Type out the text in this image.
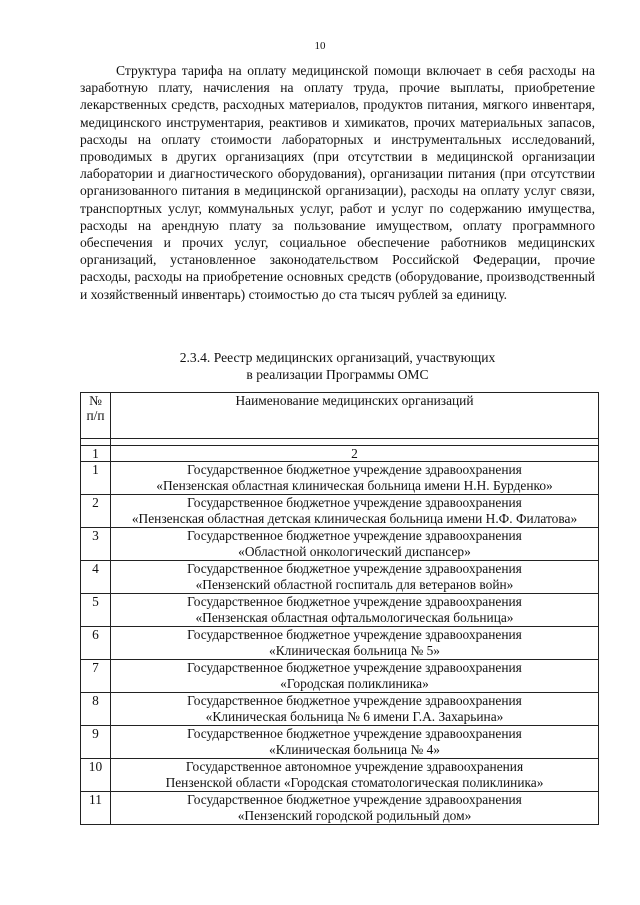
10

Структура тарифа на оплату медицинской помощи включает в себя расходы на заработную плату, начисления на оплату труда, прочие выплаты, приобретение лекарственных средств, расходных материалов, продуктов питания, мягкого инвентаря, медицинского инструментария, реактивов и химикатов, прочих материальных запасов, расходы на оплату стоимости лабораторных и инструментальных исследований, проводимых в других организациях (при отсутствии в медицинской организации лаборатории и диагностического оборудования), организации питания (при отсутствии организованного питания в медицинской организации), расходы на оплату услуг связи, транспортных услуг, коммунальных услуг, работ и услуг по содержанию имущества, расходы на арендную плату за пользование имуществом, оплату программного обеспечения и прочих услуг, социальное обеспечение работников медицинских организаций, установленное законодательством Российской Федерации, прочие расходы, расходы на приобретение основных средств (оборудование, производственный и хозяйственный инвентарь) стоимостью до ста тысяч рублей за единицу.

2.3.4. Реестр медицинских организаций, участвующих
в реализации Программы ОМС
№
п/п	Наименование медицинских организаций

1	2
1	Государственное бюджетное учреждение здравоохранения
«Пензенская областная клиническая больница имени Н.Н. Бурденко»

2	Государственное бюджетное учреждение здравоохранения
«Пензенская областная детская клиническая больница имени Н.Ф. Филатова»

3	Государственное бюджетное учреждение здравоохранения
«Областной онкологический диспансер»

4	Государственное бюджетное учреждение здравоохранения
«Пензенский областной госпиталь для ветеранов войн»

5	Государственное бюджетное учреждение здравоохранения
«Пензенская областная офтальмологическая больница»

6	Государственное бюджетное учреждение здравоохранения
«Клиническая больница № 5»

7	Государственное бюджетное учреждение здравоохранения
«Городская поликлиника»

8	Государственное бюджетное учреждение здравоохранения
«Клиническая больница № 6 имени Г.А. Захарьина»

9	Государственное бюджетное учреждение здравоохранения
«Клиническая больница № 4»

10	Государственное автономное учреждение здравоохранения
Пензенской области «Городская стоматологическая поликлиника»

11	Государственное бюджетное учреждение здравоохранения
«Пензенский городской родильный дом»
